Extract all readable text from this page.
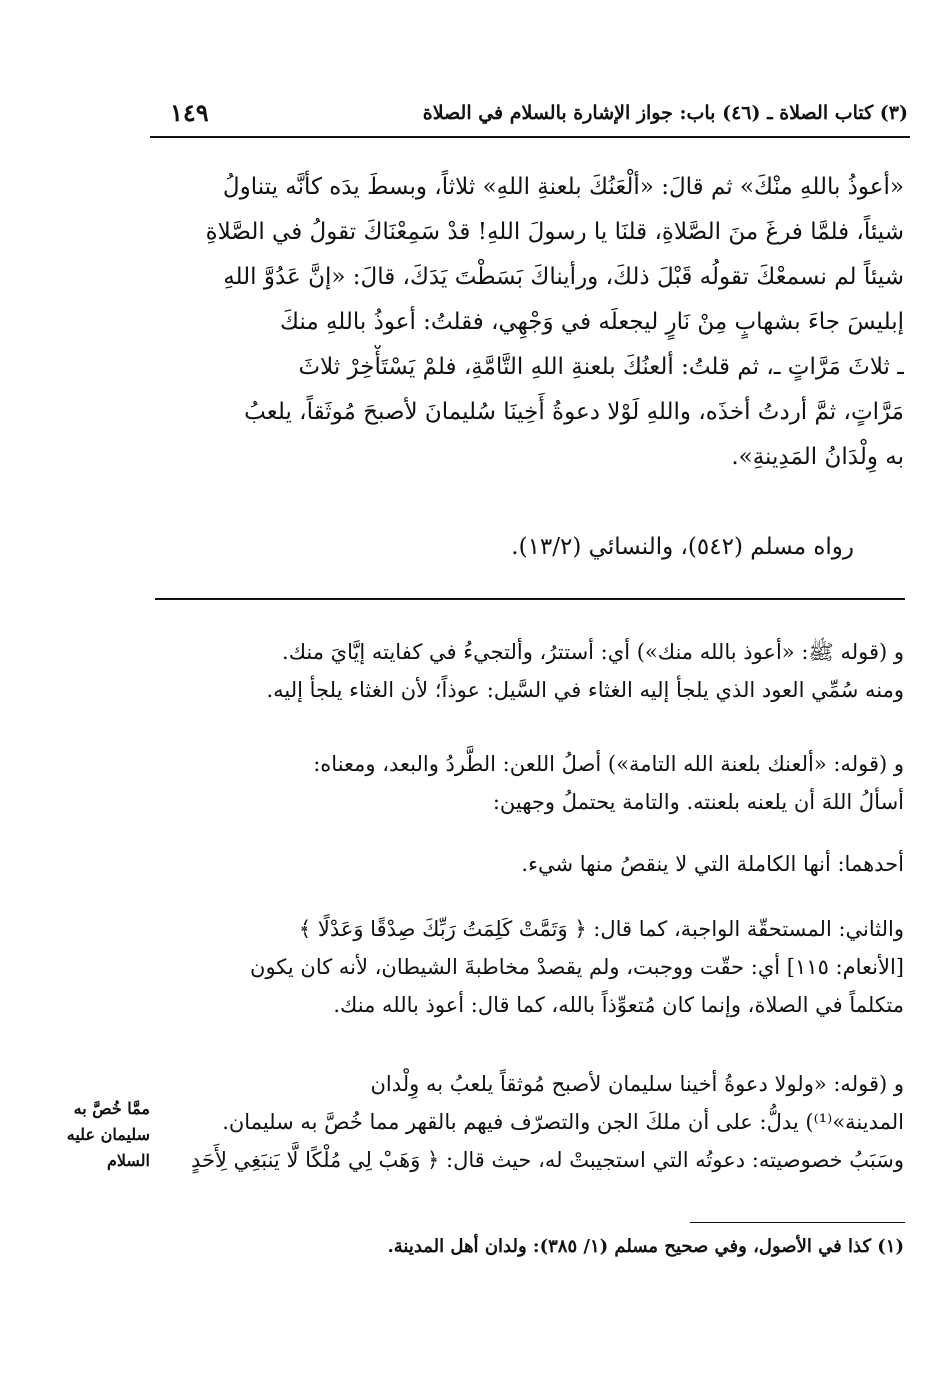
(٣) كتاب الصلاة ـ (٤٦) باب: جواز الإشارة بالسلام في الصلاة
١٤٩
«أعوذُ باللهِ منْكَ» ثم قالَ: «ألْعَنُكَ بلعنةِ اللهِ» ثلاثاً، وبسطَ يدَه كأنَّه يتناولُ
شيئاً، فلمَّا فرغَ منَ الصَّلاةِ، قلنَا يا رسولَ اللهِ! قدْ سَمِعْنَاكَ تقولُ في الصَّلاةِ
شيئاً لم نسمعْكَ تقولُه قَبْلَ ذلكَ، ورأيناكَ بَسَطْتَ يَدَكَ، قالَ: «إنَّ عَدُوَّ اللهِ
إبليسَ جاءَ بشهابٍ مِنْ نَارٍ ليجعلَه في وَجْهِي، فقلتُ: أعوذُ باللهِ منكَ
ـ ثلاثَ مَرَّاتٍ ـ، ثم قلتُ: ألعنُكَ بلعنةِ اللهِ التَّامَّةِ، فلمْ يَسْتَأْخِرْ ثلاثَ
مَرَّاتٍ، ثمَّ أردتُ أخذَه، واللهِ لَوْلا دعوةُ أَخِينَا سُليمانَ لأصبحَ مُوثَقاً، يلعبُ
به وِلْدَانُ المَدِينةِ».
رواه مسلم (٥٤٢)، والنسائي (١٣/٢).
و (قوله ﷺ: «أعوذ بالله منك») أي: أستترُ، وألتجيءُ في كفايته إيَّايَ منك.
ومنه سُمِّي العود الذي يلجأ إليه الغثاء في السَّيل: عوذاً؛ لأن الغثاء يلجأ إليه.
و (قوله: «ألعنك بلعنة الله التامة») أصلُ اللعن: الطَّردُ والبعد، ومعناه:
أسألُ اللهَ أن يلعنه بلعنته. والتامة يحتملُ وجهين:
أحدهما: أنها الكاملة التي لا ينقصُ منها شيء.
والثاني: المستحقّة الواجبة، كما قال: ﴿ وَتَمَّتْ كَلِمَتُ رَبِّكَ صِدْقًا وَعَدْلًا ﴾
[الأنعام: ١١٥] أي: حقّت ووجبت، ولم يقصدْ مخاطبةَ الشيطان، لأنه كان يكون
متكلماً في الصلاة، وإنما كان مُتعوِّذاً بالله، كما قال: أعوذ بالله منك.
و (قوله: «ولولا دعوةُ أخينا سليمان لأصبح مُوثقاً يلعبُ به وِلْدان
المدينة»⁽¹⁾) يدلُّ: على أن ملكَ الجن والتصرّف فيهم بالقهر مما خُصَّ به سليمان.
وسَبَبُ خصوصيته: دعوتُه التي استجيبتْ له، حيث قال: ﴿ وَهَبْ لِي مُلْكًا لَّا يَنبَغِي لِأَحَدٍ
ممَّا خُصَّ به
سليمان عليه
السلام
(١) كذا في الأصول، وفي صحيح مسلم (١/ ٣٨٥): ولدان أهل المدينة.
